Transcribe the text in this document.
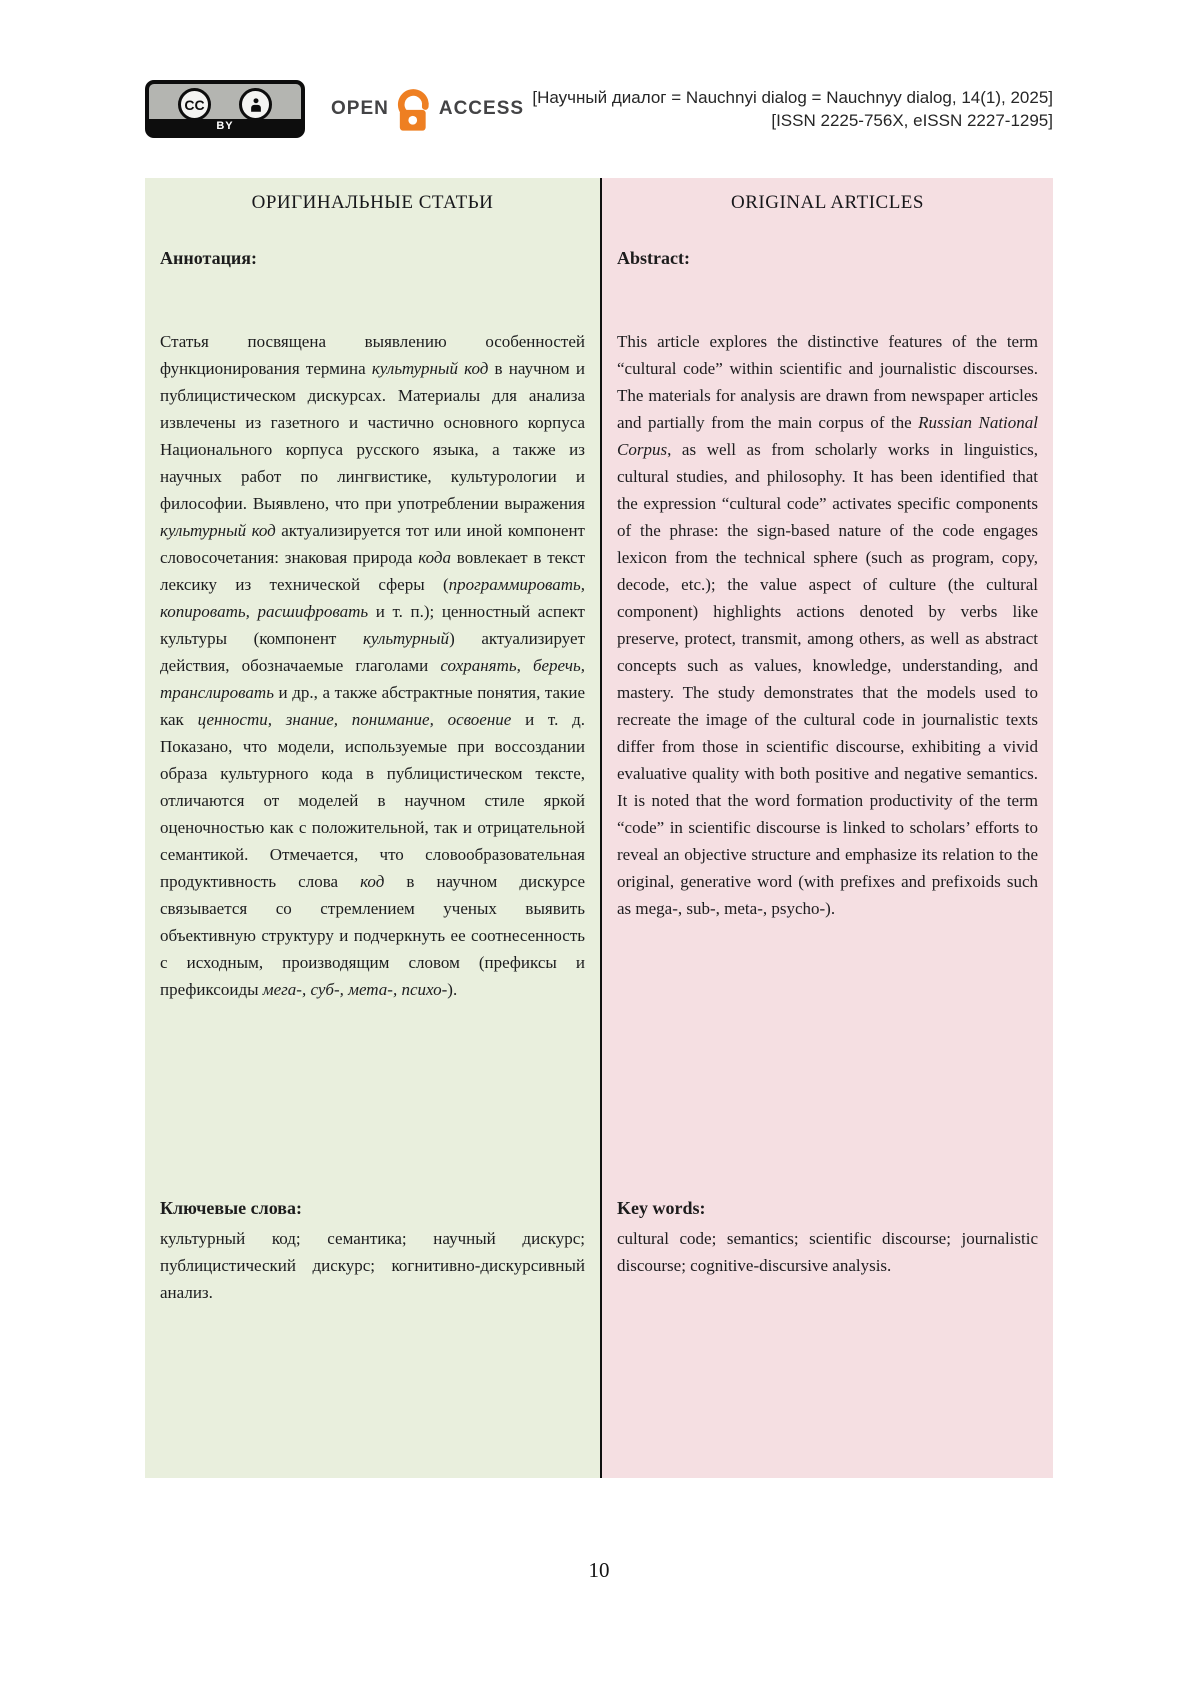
CC
BY
OPEN	ACCESS
[Научный диалог = Nauchnyi dialog = Nauchnyy dialog, 14(1), 2025]
[ISSN 2225-756X, eISSN 2227-1295]
ОРИГИНАЛЬНЫЕ СТАТЬИ
Аннотация:
Статья посвящена выявлению особенностей функционирования термина культурный код в научном и публицистическом дискурсах. Материалы для анализа извлечены из газетного и частично основного корпуса Национального корпуса русского языка, а также из научных работ по лингвистике, культурологии и философии. Выявлено, что при употреблении выражения культурный код актуализируется тот или иной компонент словосочетания: знаковая природа кода вовлекает в текст лексику из технической сферы (программировать, копировать, расшифровать и т. п.); ценностный аспект культуры (компонент культурный) актуализирует действия, обозначаемые глаголами сохранять, беречь, транслировать и др., а также абстрактные понятия, такие как ценности, знание, понимание, освоение и т. д. Показано, что модели, используемые при воссоздании образа культурного кода в публицистическом тексте, отличаются от моделей в научном стиле яркой оценочностью как с положительной, так и отрицательной семантикой. Отмечается, что словообразовательная продуктивность слова код в научном дискурсе связывается со стремлением ученых выявить объективную структуру и подчеркнуть ее соотнесенность с исходным, производящим словом (префиксы и префиксоиды мега-, суб-, мета-, психо-).
Ключевые слова:
культурный код; семантика; научный дискурс; публицистический дискурс; когнитивно-дискурсивный анализ.
ORIGINAL ARTICLES
Abstract:
This article explores the distinctive features of the term “cultural code” within scientific and journalistic discourses. The materials for analysis are drawn from newspaper articles and partially from the main corpus of the Russian National Corpus, as well as from scholarly works in linguistics, cultural studies, and philosophy. It has been identified that the expression “cultural code” activates specific components of the phrase: the sign-based nature of the code engages lexicon from the technical sphere (such as program, copy, decode, etc.); the value aspect of culture (the cultural component) highlights actions denoted by verbs like preserve, protect, transmit, among others, as well as abstract concepts such as values, knowledge, understanding, and mastery. The study demonstrates that the models used to recreate the image of the cultural code in journalistic texts differ from those in scientific discourse, exhibiting a vivid evaluative quality with both positive and negative semantics. It is noted that the word formation productivity of the term “code” in scientific discourse is linked to scholars’ efforts to reveal an objective structure and emphasize its relation to the original, generative word (with prefixes and prefixoids such as mega-, sub-, meta-, psycho-).
Key words:
cultural code; semantics; scientific discourse; journalistic discourse; cognitive-discursive analysis.
10
